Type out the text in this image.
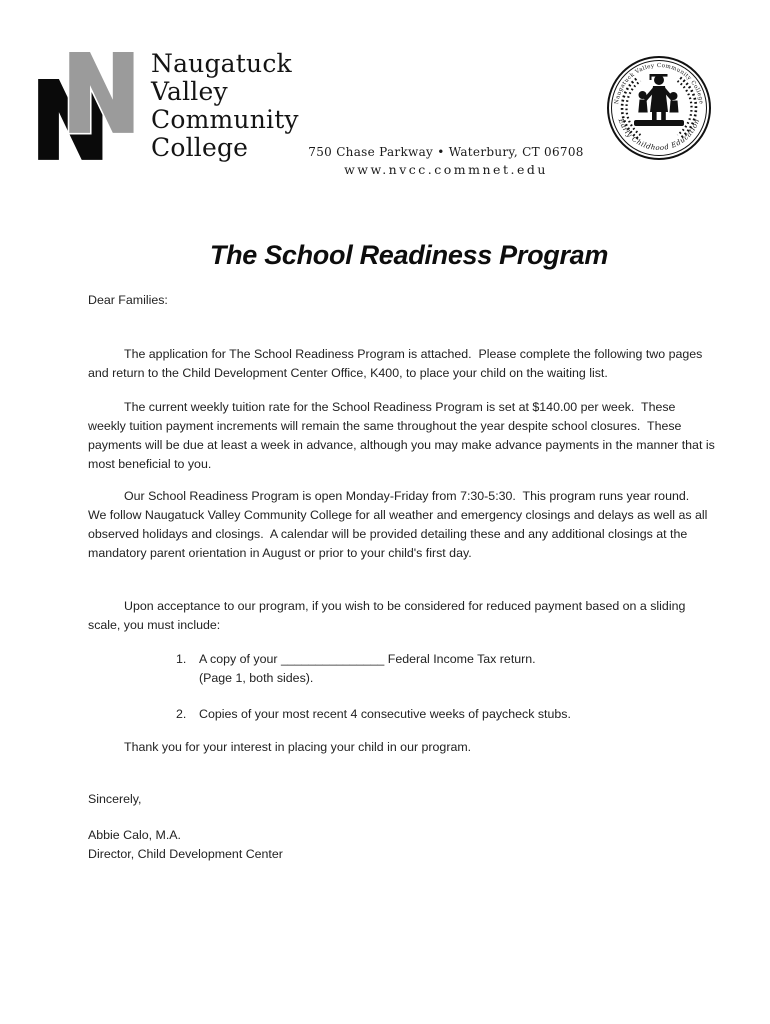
Naugatuck
Valley
Community
College	750 Chase Parkway • Waterbury, CT 06708
www.nvcc.commnet.edu
Naugatuck Valley Community College
Early Childhood Education
The School Readiness Program
Dear Families:
The application for The School Readiness Program is attached.  Please complete the following two pages
and return to the Child Development Center Office, K400, to place your child on the waiting list.
The current weekly tuition rate for the School Readiness Program is set at $140.00 per week.  These
weekly tuition payment increments will remain the same throughout the year despite school closures.  These
payments will be due at least a week in advance, although you may make advance payments in the manner that is
most beneficial to you.
Our School Readiness Program is open Monday-Friday from 7:30-5:30.  This program runs year round.
We follow Naugatuck Valley Community College for all weather and emergency closings and delays as well as all
observed holidays and closings.  A calendar will be provided detailing these and any additional closings at the
mandatory parent orientation in August or prior to your child's first day.
Upon acceptance to our program, if you wish to be considered for reduced payment based on a sliding
scale, you must include:
1.	A copy of your _______________ Federal Income Tax return.
(Page 1, both sides).
2.	Copies of your most recent 4 consecutive weeks of paycheck stubs.
Thank you for your interest in placing your child in our program.
Sincerely,
Abbie Calo, M.A.
Director, Child Development Center
